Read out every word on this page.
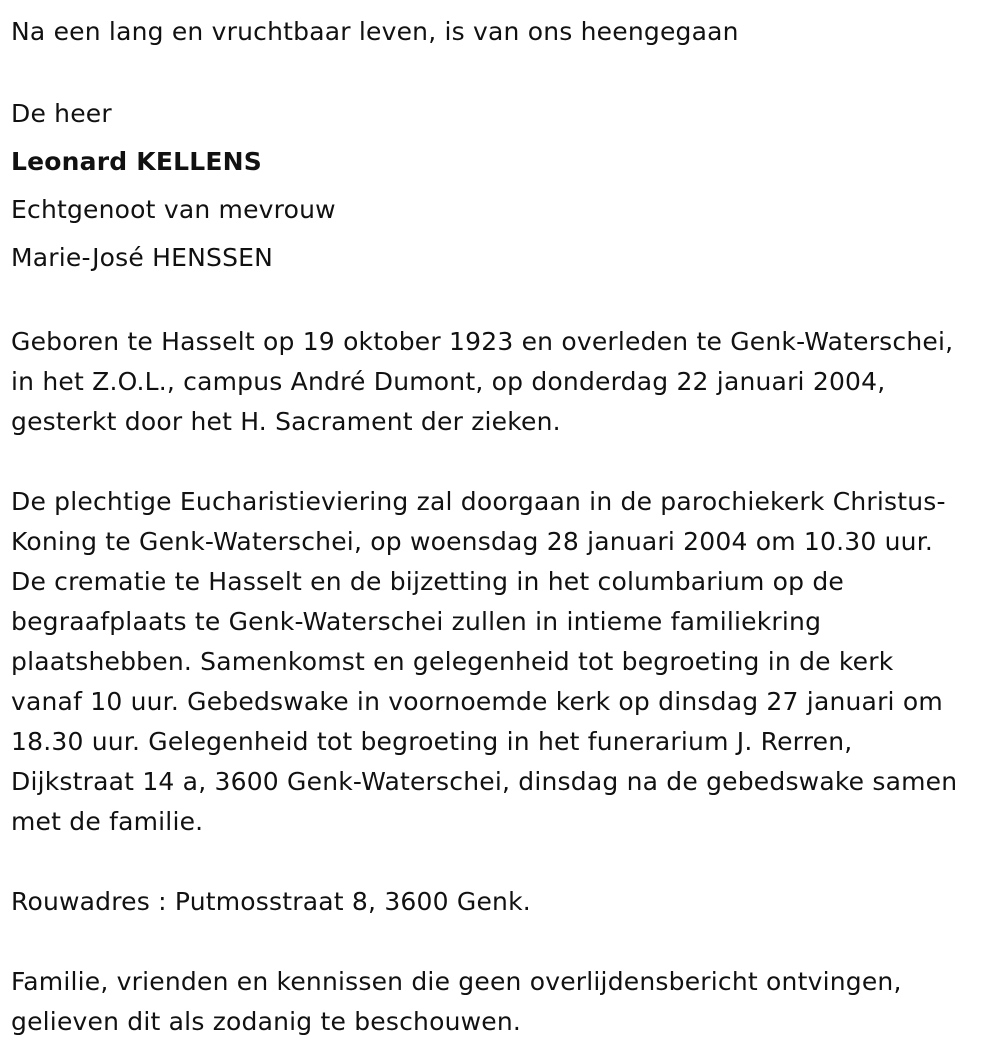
Na een lang en vruchtbaar leven, is van ons heengegaan

De heer

Leonard KELLENS

Echtgenoot van mevrouw

Marie-José HENSSEN

Geboren te Hasselt op 19 oktober 1923 en overleden te Genk-Waterschei,
in het Z.O.L., campus André Dumont, op donderdag 22 januari 2004,
gesterkt door het H. Sacrament der zieken.

De plechtige Eucharistieviering zal doorgaan in de parochiekerk Christus-
Koning te Genk-Waterschei, op woensdag 28 januari 2004 om 10.30 uur.
De crematie te Hasselt en de bijzetting in het columbarium op de
begraafplaats te Genk-Waterschei zullen in intieme familiekring
plaatshebben. Samenkomst en gelegenheid tot begroeting in de kerk
vanaf 10 uur. Gebedswake in voornoemde kerk op dinsdag 27 januari om
18.30 uur. Gelegenheid tot begroeting in het funerarium J. Rerren,
Dijkstraat 14 a, 3600 Genk-Waterschei, dinsdag na de gebedswake samen
met de familie.

Rouwadres : Putmosstraat 8, 3600 Genk.

Familie, vrienden en kennissen die geen overlijdensbericht ontvingen,
gelieven dit als zodanig te beschouwen.
